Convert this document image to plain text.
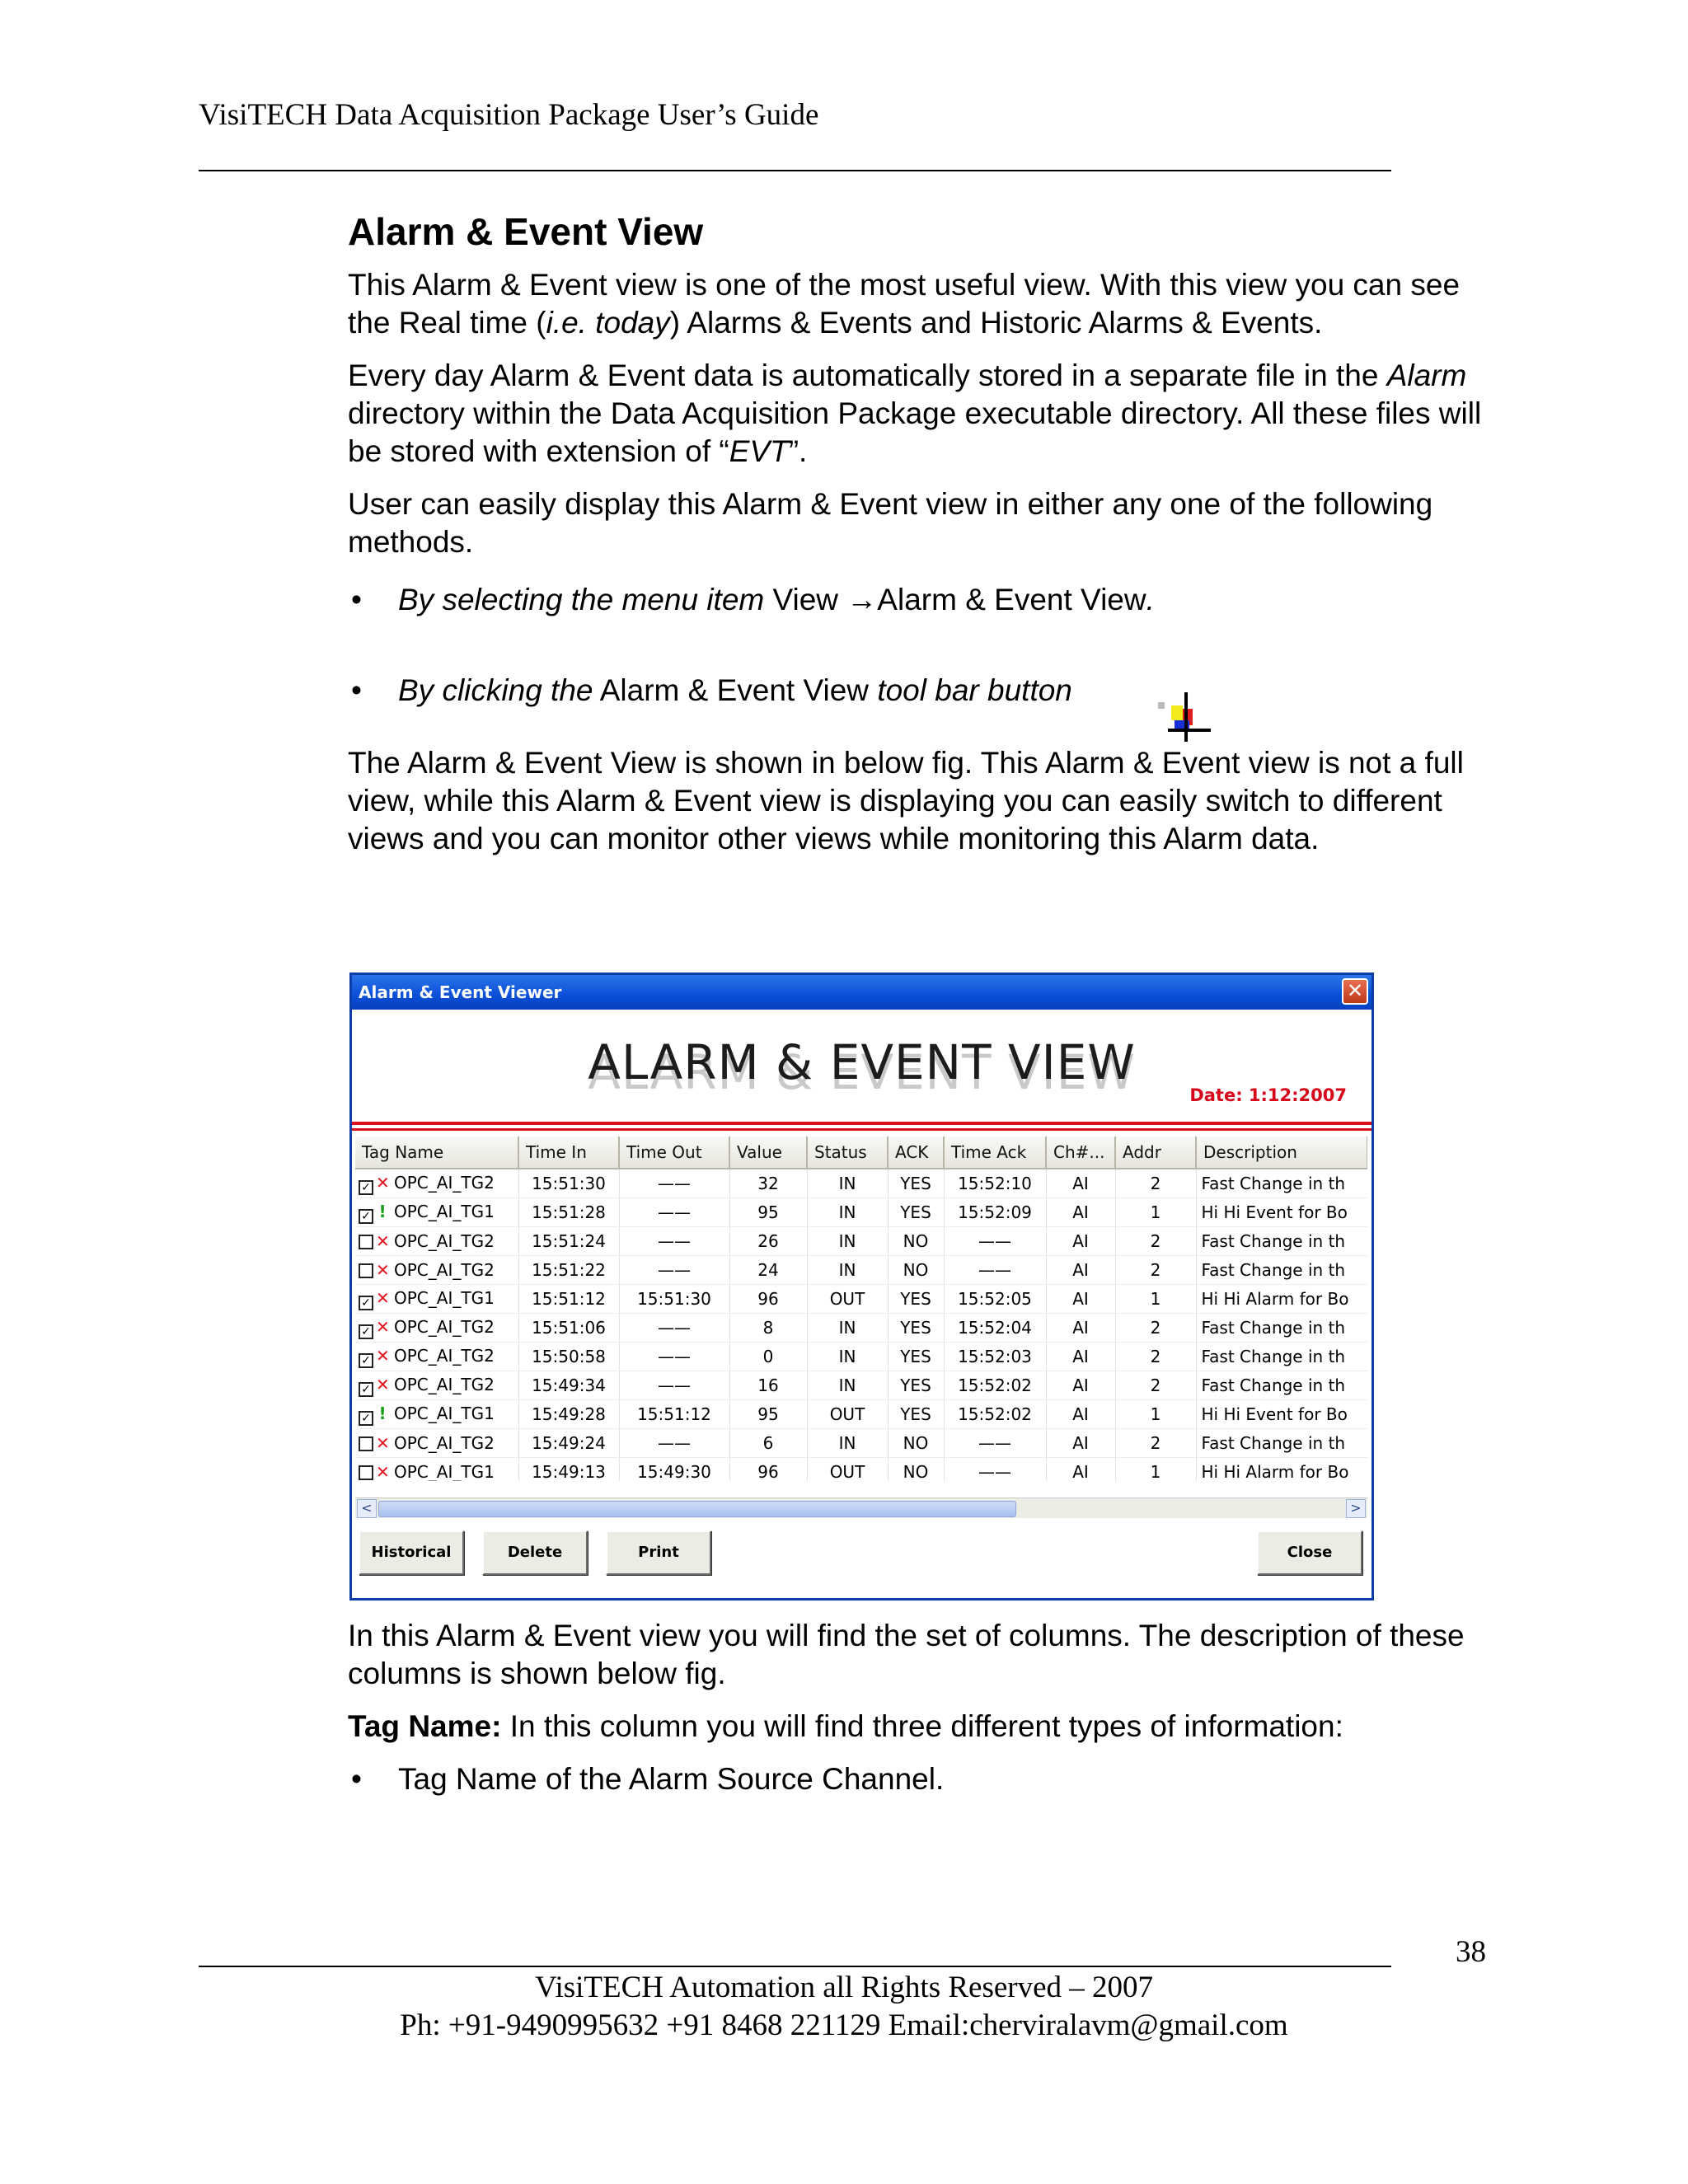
VisiTECH Data Acquisition Package User’s Guide
Alarm & Event View

This Alarm & Event view is one of the most useful view. With this view you can see the Real time (i.e. today) Alarms & Events and Historic Alarms & Events.

Every day Alarm & Event data is automatically stored in a separate file in the Alarm directory within the Data Acquisition Package executable directory. All these files will be stored with extension of “EVT”.

User can easily display this Alarm & Event view in either any one of the following methods.

• By selecting the menu item View →Alarm & Event View.
• By clicking the Alarm & Event View tool bar button

The Alarm & Event View is shown in below fig. This Alarm & Event view is not a full view, while this Alarm & Event view is displaying you can easily switch to different views and you can monitor other views while monitoring this Alarm data.

Alarm & Event Viewer	✕
ALARM & EVENT VIEW
Date: 1:12:2007
Tag Name	Time In	Time Out	Value	Status	ACK	Time Ack	Ch#...	Addr	Description
✓ ✕ OPC_AI_TG2	15:51:30	——	32	IN	YES	15:52:10	AI	2	Fast Change in th
✓ ! OPC_AI_TG1	15:51:28	——	95	IN	YES	15:52:09	AI	1	Hi Hi Event for Bo
✕ OPC_AI_TG2	15:51:24	——	26	IN	NO	——	AI	2	Fast Change in th
✕ OPC_AI_TG2	15:51:22	——	24	IN	NO	——	AI	2	Fast Change in th
✓ ✕ OPC_AI_TG1	15:51:12	15:51:30	96	OUT	YES	15:52:05	AI	1	Hi Hi Alarm for Bo
✓ ✕ OPC_AI_TG2	15:51:06	——	8	IN	YES	15:52:04	AI	2	Fast Change in th
✓ ✕ OPC_AI_TG2	15:50:58	——	0	IN	YES	15:52:03	AI	2	Fast Change in th
✓ ✕ OPC_AI_TG2	15:49:34	——	16	IN	YES	15:52:02	AI	2	Fast Change in th
✓ ! OPC_AI_TG1	15:49:28	15:51:12	95	OUT	YES	15:52:02	AI	1	Hi Hi Event for Bo
✕ OPC_AI_TG2	15:49:24	——	6	IN	NO	——	AI	2	Fast Change in th
✕ OPC_AI_TG1	15:49:13	15:49:30	96	OUT	NO	——	AI	1	Hi Hi Alarm for Bo

<	>
Historical	Delete	Print	Close

In this Alarm & Event view you will find the set of columns. The description of these columns is shown below fig.

Tag Name: In this column you will find three different types of information:

• Tag Name of the Alarm Source Channel.
38
VisiTECH Automation all Rights Reserved – 2007
Ph: +91-9490995632 +91 8468 221129 Email:cherviralavm@gmail.com
